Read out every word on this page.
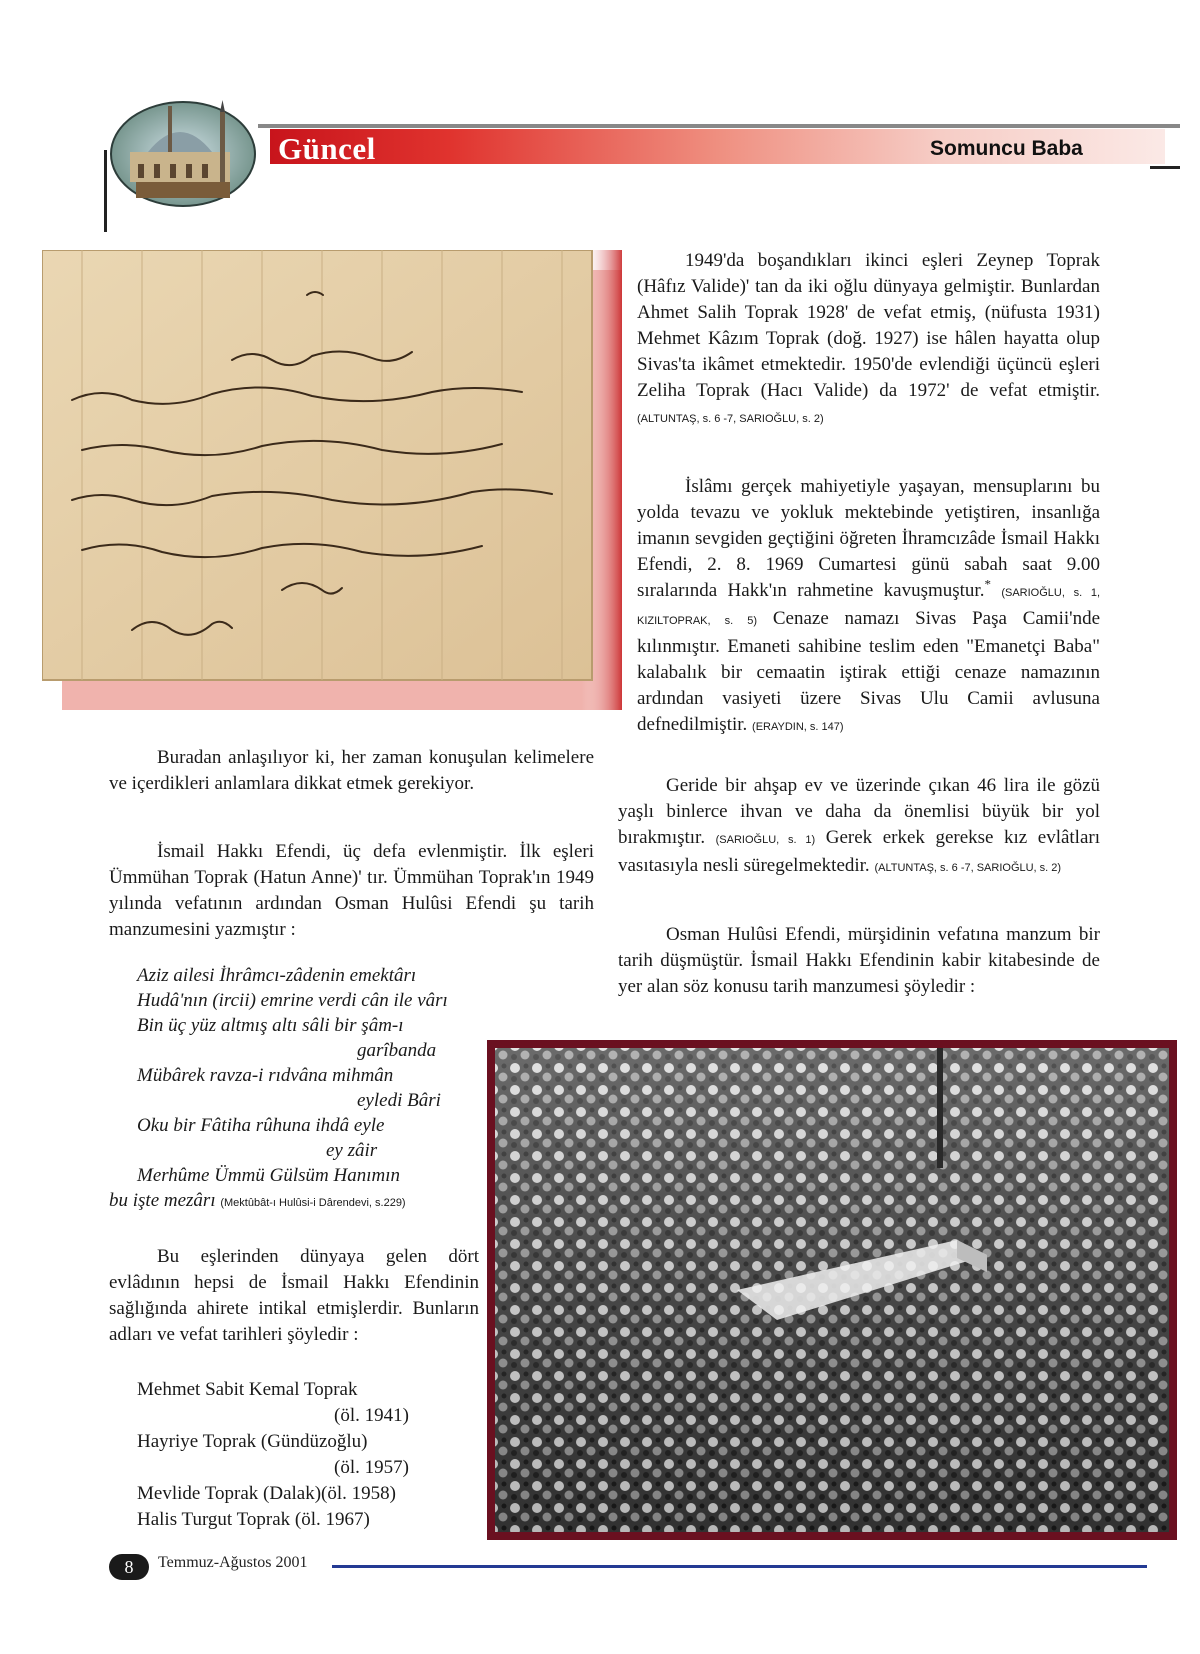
Güncel	Somuncu Baba

1949'da boşandıkları ikinci eşleri Zeynep Toprak (Hâfız Valide)' tan da iki oğlu dünyaya gelmiştir. Bunlardan Ahmet Salih Toprak 1928' de vefat etmiş, (nüfusta 1931) Mehmet Kâzım Toprak (doğ. 1927) ise hâlen hayatta olup Sivas'ta ikâmet etmektedir. 1950'de evlendiği üçüncü eşleri Zeliha Toprak (Hacı Valide) da 1972' de vefat etmiştir. (ALTUNTAŞ, s. 6 -7, SARIOĞLU, s. 2)

İslâmı gerçek mahiyetiyle yaşayan, mensuplarını bu yolda tevazu ve yokluk mektebinde yetiştiren, insanlığa imanın sevgiden geçtiğini öğreten İhramcızâde İsmail Hakkı Efendi, 2. 8. 1969 Cumartesi günü sabah saat 9.00 sıralarında Hakk'ın rahmetine kavuşmuştur.* (SARIOĞLU, s. 1, KIZILTOPRAK, s. 5) Cenaze namazı Sivas Paşa Camii'nde kılınmıştır. Emaneti sahibine teslim eden "Emanetçi Baba" kalabalık bir cemaatin iştirak ettiği cenaze namazının ardından vasiyeti üzere Sivas Ulu Camii avlusuna defnedilmiştir. (ERAYDIN, s. 147)

Geride bir ahşap ev ve üzerinde çıkan 46 lira ile gözü yaşlı binlerce ihvan ve daha da önemlisi büyük bir yol bırakmıştır. (SARIOĞLU, s. 1) Gerek erkek gerekse kız evlâtları vasıtasıyla nesli süregelmektedir. (ALTUNTAŞ, s. 6 -7, SARIOĞLU, s. 2)

Osman Hulûsi Efendi, mürşidinin vefatına manzum bir tarih düşmüştür. İsmail Hakkı Efendinin kabir kitabesinde de yer alan söz konusu tarih manzumesi şöyledir :

Buradan anlaşılıyor ki, her zaman konuşulan kelimelere ve içerdikleri anlamlara dikkat etmek gerekiyor.

İsmail Hakkı Efendi, üç defa evlenmiştir. İlk eşleri Ümmühan Toprak (Hatun Anne)' tır. Ümmühan Toprak'ın 1949 yılında vefatının ardından Osman Hulûsi Efendi şu tarih manzumesini yazmıştır :

Aziz ailesi İhrâmcı-zâdenin emektârı
Hudâ'nın (ircii) emrine verdi cân ile vârı
Bin üç yüz altmış altı sâli bir şâm-ı
garîbanda
Mübârek ravza-i rıdvâna mihmân
eyledi Bâri
Oku bir Fâtiha rûhuna ihdâ eyle
ey zâir
Merhûme Ümmü Gülsüm Hanımın
bu işte mezârı (Mektûbât-ı Hulûsi-i Dârendevi, s.229)

Bu eşlerinden dünyaya gelen dört evlâdının hepsi de İsmail Hakkı Efendinin sağlığında ahirete intikal etmişlerdir. Bunların adları ve vefat tarihleri şöyledir :

Mehmet Sabit Kemal Toprak
(öl. 1941)
Hayriye Toprak (Gündüzoğlu)
(öl. 1957)
Mevlide Toprak (Dalak)(öl. 1958)
Halis Turgut Toprak (öl. 1967)
8	Temmuz-Ağustos 2001
